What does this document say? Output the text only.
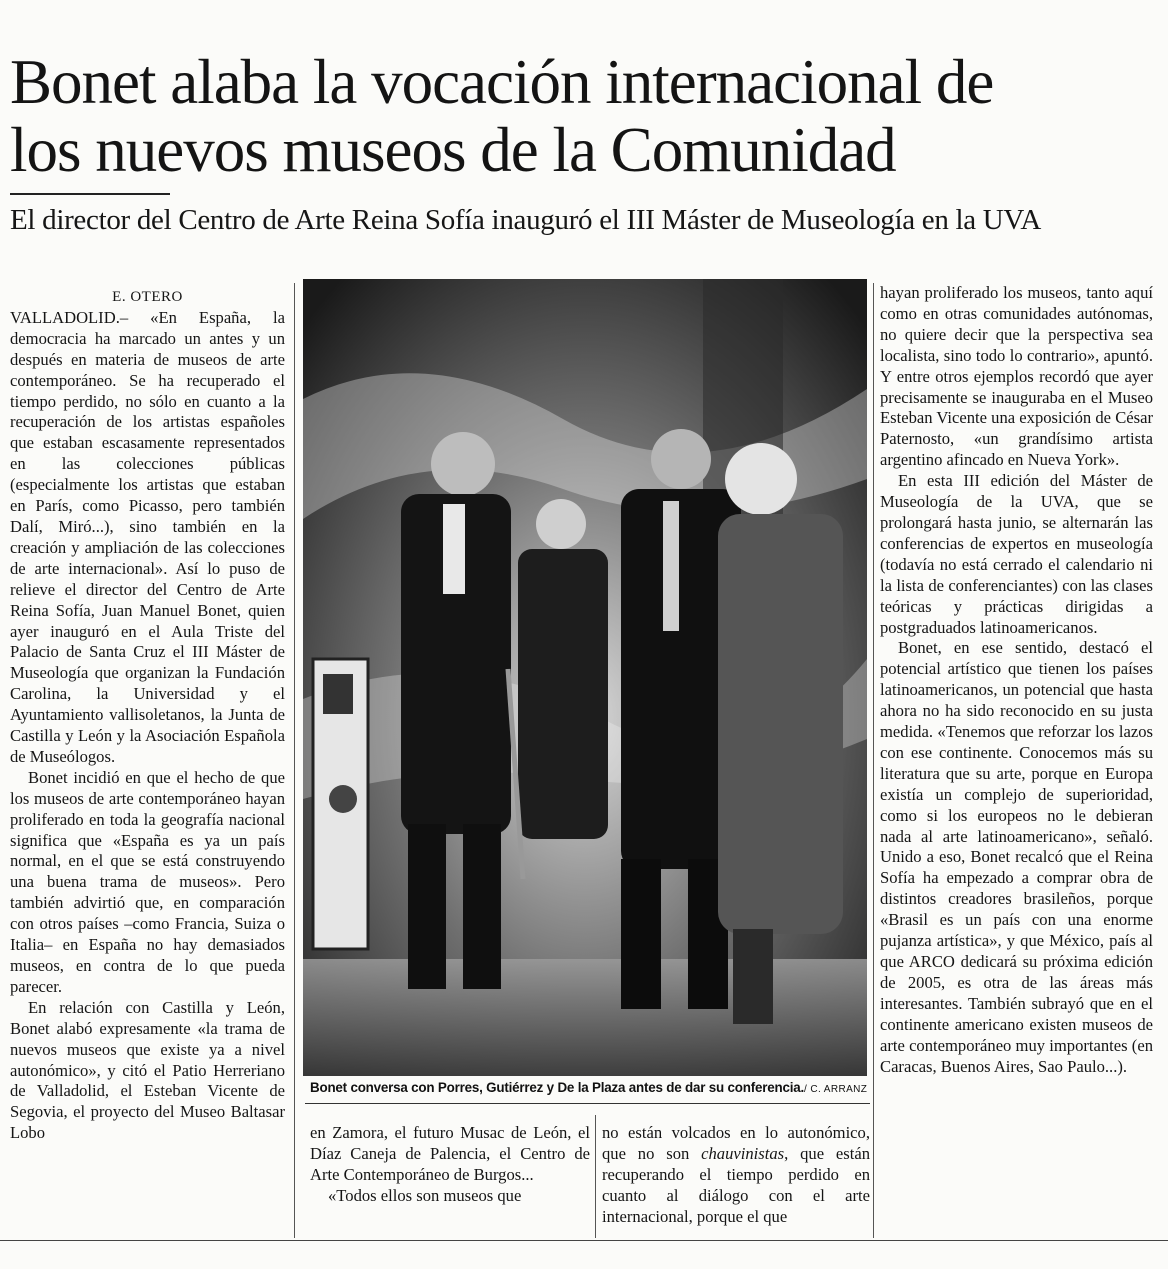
Bonet alaba la vocación internacional de
los nuevos museos de la Comunidad
El director del Centro de Arte Reina Sofía inauguró el III Máster de Museología en la UVA

E. OTERO

VALLADOLID.– «En España, la democracia ha marcado un antes y un después en materia de museos de arte contemporáneo. Se ha recuperado el tiempo perdido, no sólo en cuanto a la recuperación de los artistas españoles que estaban escasamente representados en las colecciones públicas (especialmente los artistas que estaban en París, como Picasso, pero también Dalí, Miró...), sino también en la creación y ampliación de las colecciones de arte internacional». Así lo puso de relieve el director del Centro de Arte Reina Sofía, Juan Manuel Bonet, quien ayer inauguró en el Aula Triste del Palacio de Santa Cruz el III Máster de Museología que organizan la Fundación Carolina, la Universidad y el Ayuntamiento vallisoletanos, la Junta de Castilla y León y la Asociación Española de Museólogos.

Bonet incidió en que el hecho de que los museos de arte contemporáneo hayan proliferado en toda la geografía nacional significa que «España es ya un país normal, en el que se está construyendo una buena trama de museos». Pero también advirtió que, en comparación con otros países –como Francia, Suiza o Italia– en España no hay demasiados museos, en contra de lo que pueda parecer.

En relación con Castilla y León, Bonet alabó expresamente «la trama de nuevos museos que existe ya a nivel autonómico», y citó el Patio Herreriano de Valladolid, el Esteban Vicente de Segovia, el proyecto del Museo Baltasar Lobo

Bonet conversa con Porres, Gutiérrez y De la Plaza antes de dar su conferencia./ C. ARRANZ

en Zamora, el futuro Musac de León, el Díaz Caneja de Palencia, el Centro de Arte Contemporáneo de Burgos...

«Todos ellos son museos que

no están volcados en lo autonómico, que no son chauvinistas, que están recuperando el tiempo perdido en cuanto al diálogo con el arte internacional, porque el que

hayan proliferado los museos, tanto aquí como en otras comunidades autónomas, no quiere decir que la perspectiva sea localista, sino todo lo contrario», apuntó. Y entre otros ejemplos recordó que ayer precisamente se inauguraba en el Museo Esteban Vicente una exposición de César Paternosto, «un grandísimo artista argentino afincado en Nueva York».

En esta III edición del Máster de Museología de la UVA, que se prolongará hasta junio, se alternarán las conferencias de expertos en museología (todavía no está cerrado el calendario ni la lista de conferenciantes) con las clases teóricas y prácticas dirigidas a postgraduados latinoamericanos.

Bonet, en ese sentido, destacó el potencial artístico que tienen los países latinoamericanos, un potencial que hasta ahora no ha sido reconocido en su justa medida. «Tenemos que reforzar los lazos con ese continente. Conocemos más su literatura que su arte, porque en Europa existía un complejo de superioridad, como si los europeos no le debieran nada al arte latinoamericano», señaló. Unido a eso, Bonet recalcó que el Reina Sofía ha empezado a comprar obra de distintos creadores brasileños, porque «Brasil es un país con una enorme pujanza artística», y que México, país al que ARCO dedicará su próxima edición de 2005, es otra de las áreas más interesantes. También subrayó que en el continente americano existen museos de arte contemporáneo muy importantes (en Caracas, Buenos Aires, Sao Paulo...).
